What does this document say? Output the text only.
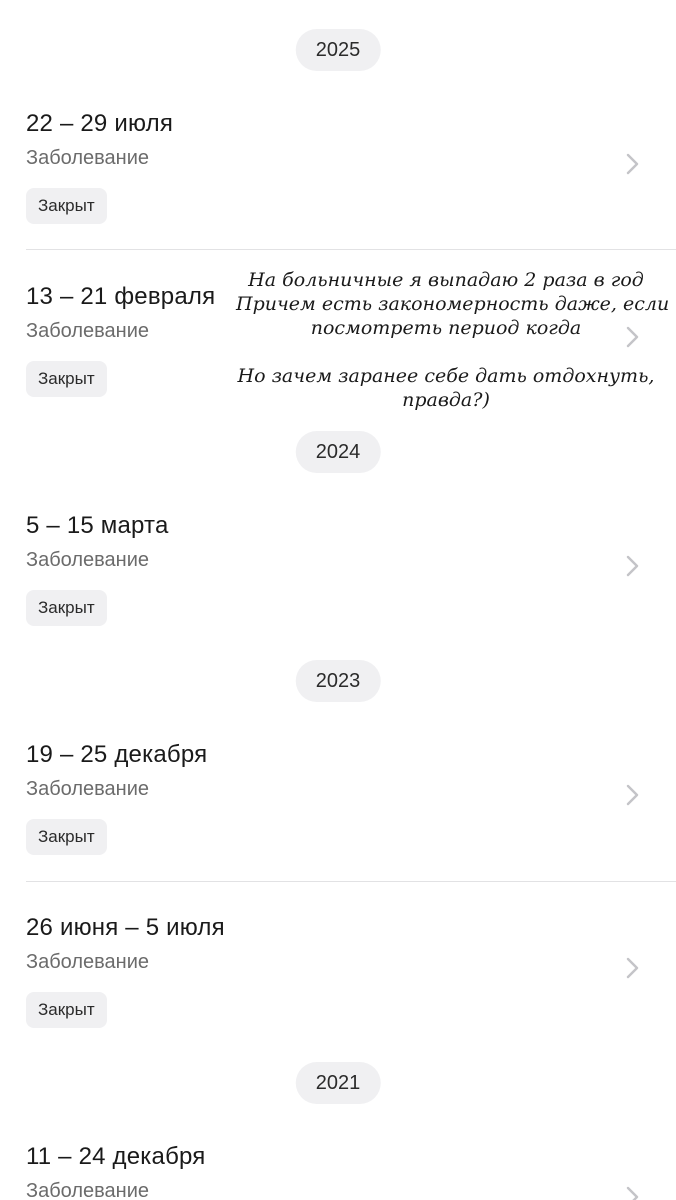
2025
22 – 29 июля
Заболевание
Закрыт
13 – 21 февраля
Заболевание
Закрыт
На больничные я выпадаю 2 раза в год
Причем есть закономерность даже, если
посмотреть период когда
Но зачем заранее себе дать отдохнуть,
правда?)
2024
5 – 15 марта
Заболевание
Закрыт
2023
19 – 25 декабря
Заболевание
Закрыт
26 июня – 5 июля
Заболевание
Закрыт
2021
11 – 24 декабря
Заболевание
